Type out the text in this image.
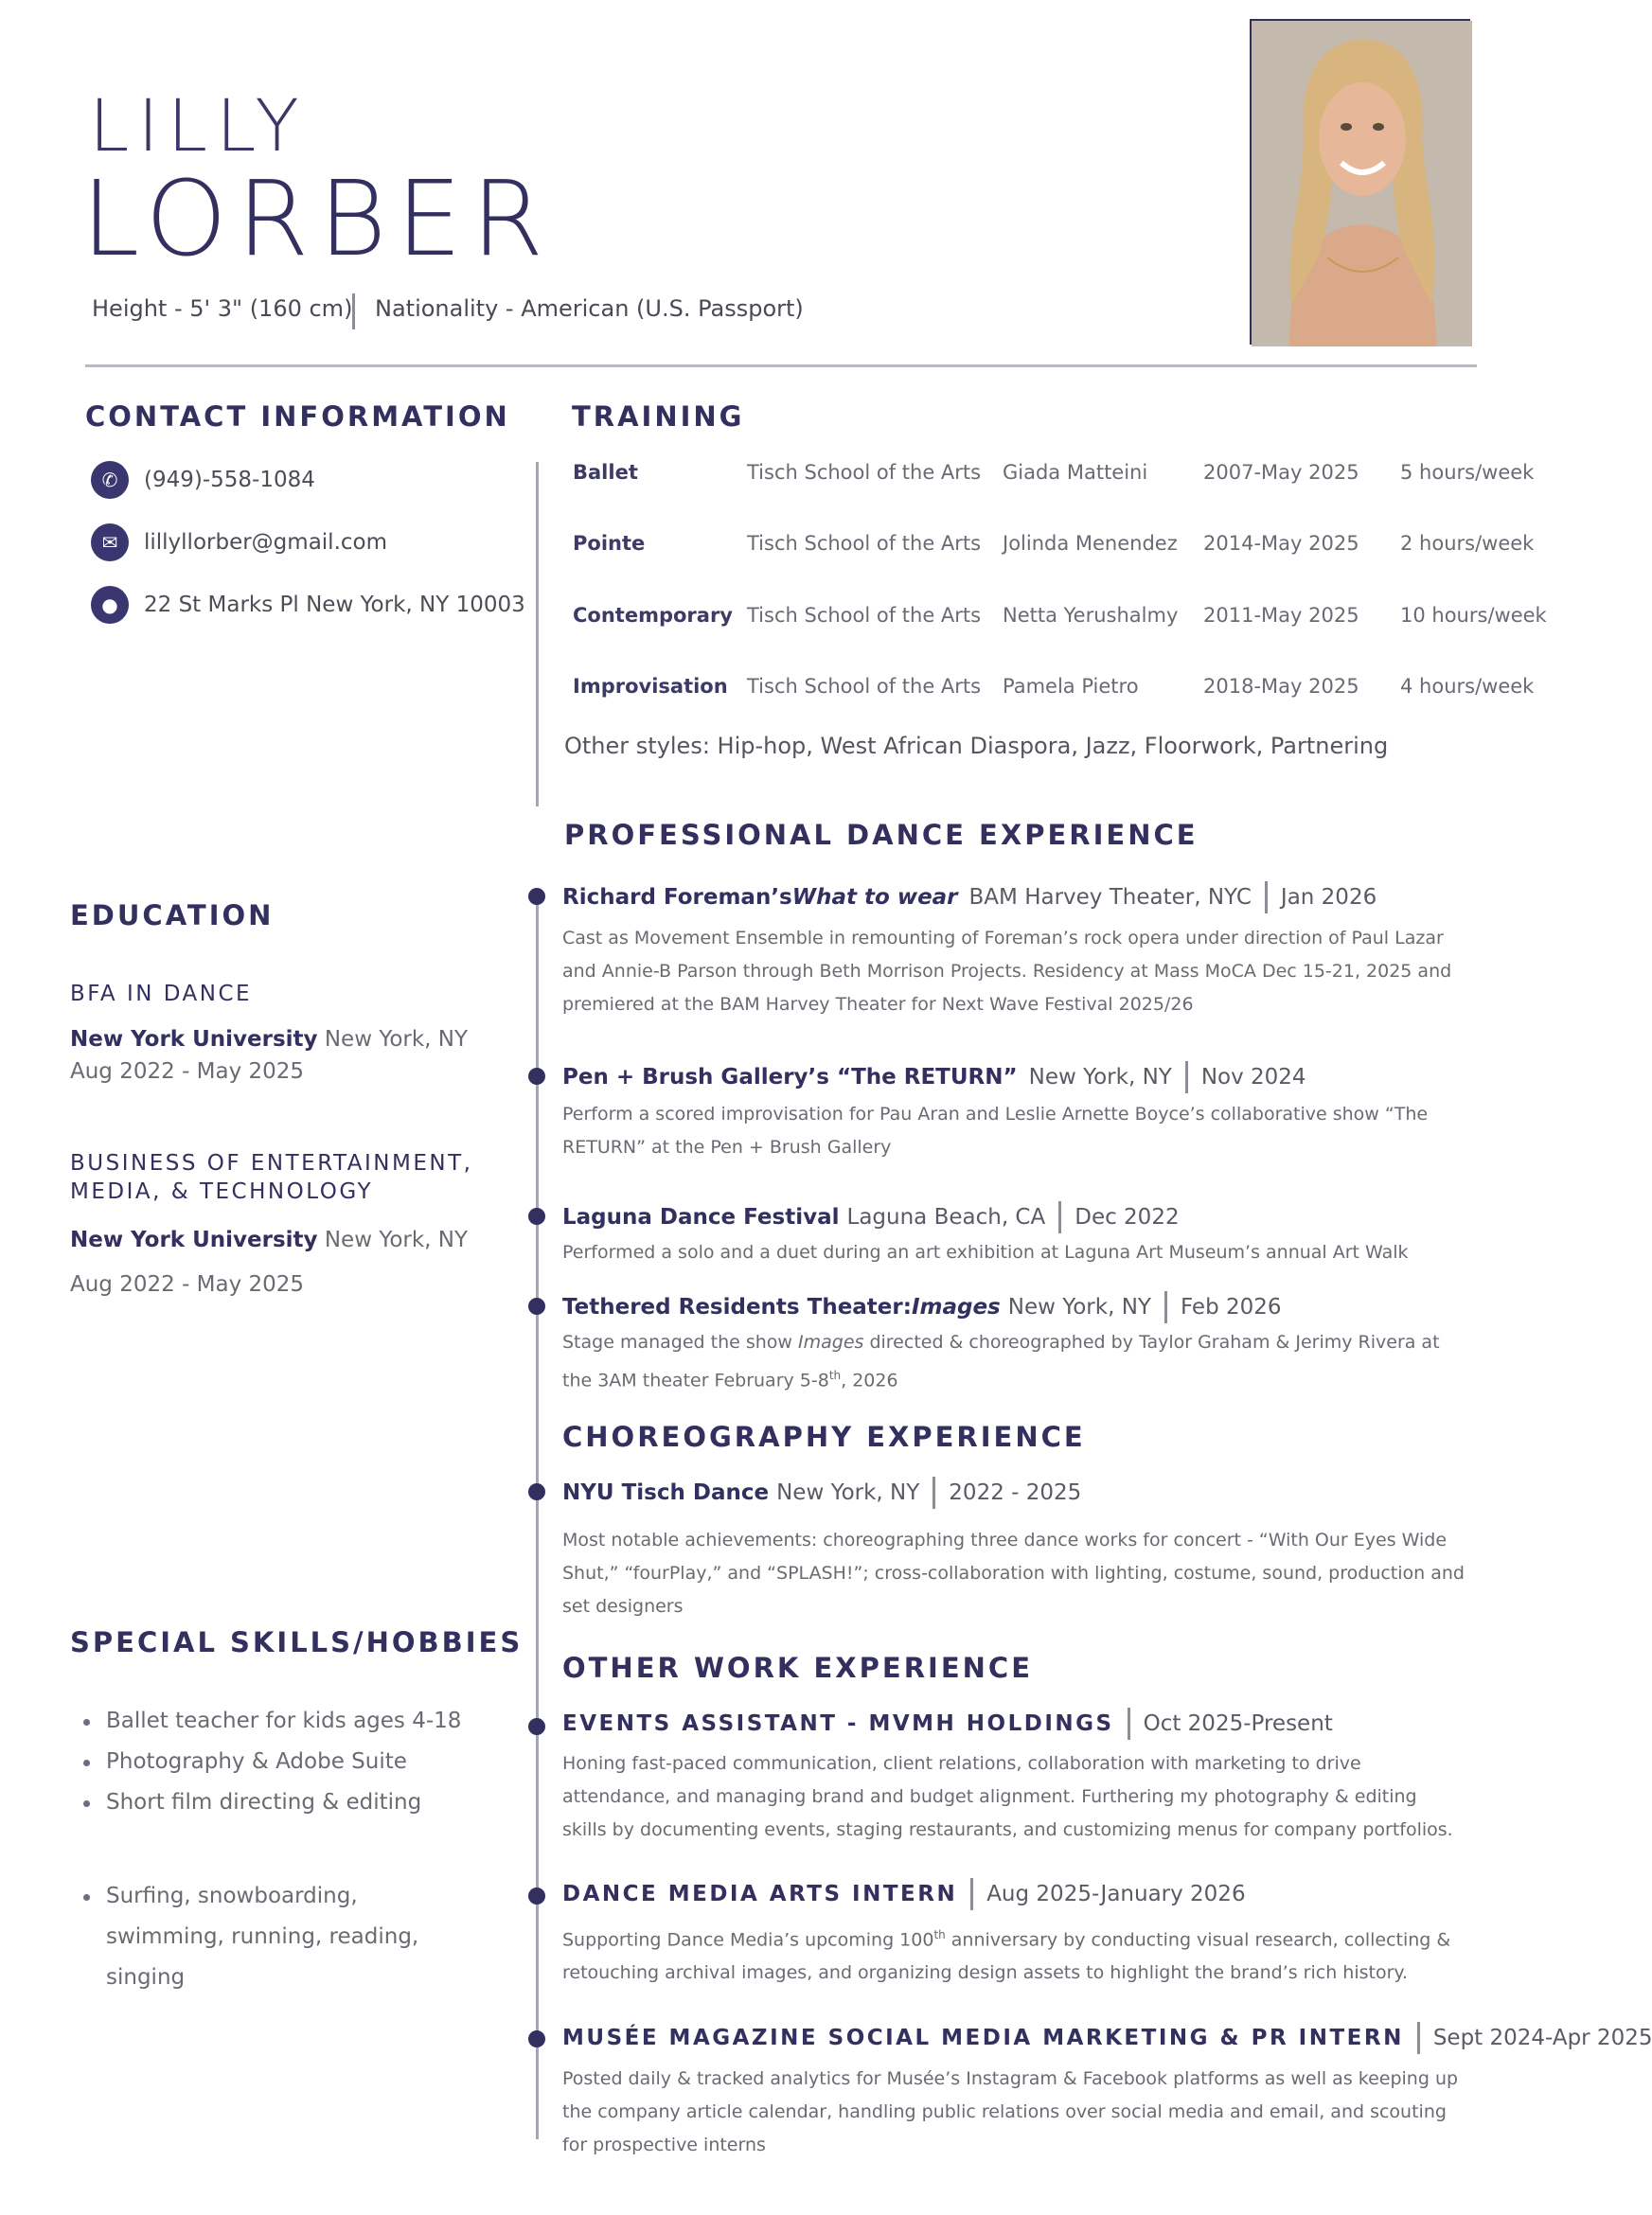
LILLY
LORBER
Height - 5' 3" (160 cm) Nationality - American (U.S. Passport)
CONTACT INFORMATION
✆	(949)-558-1084
✉	lillyllorber@gmail.com
●	22 St Marks Pl New York, NY 10003
TRAINING
Ballet	Tisch School of the Arts	Giada Matteini	2007-May 2025	5 hours/week
Pointe	Tisch School of the Arts	Jolinda Menendez	2014-May 2025	2 hours/week
Contemporary Tisch School of the Arts	Netta Yerushalmy	2011-May 2025	10 hours/week
Improvisation Tisch School of the Arts	Pamela Pietro	2018-May 2025	4 hours/week
Other styles: Hip-hop, West African Diaspora, Jazz, Floorwork, Partnering
EDUCATION
BFA IN DANCE
New York University New York, NY
Aug 2022 - May 2025
BUSINESS OF ENTERTAINMENT,
MEDIA, & TECHNOLOGY
New York University New York, NY
Aug 2022 - May 2025
SPECIAL SKILLS/HOBBIES
Ballet teacher for kids ages 4-18
Photography & Adobe Suite
Short film directing & editing
Surfing, snowboarding,
swimming, running, reading,
singing
PROFESSIONAL DANCE EXPERIENCE
Richard Foreman’s What to wear BAM Harvey Theater, NYC Jan 2026
Cast as Movement Ensemble in remounting of Foreman’s rock opera under direction of Paul Lazar
and Annie-B Parson through Beth Morrison Projects. Residency at Mass MoCA Dec 15-21, 2025 and
premiered at the BAM Harvey Theater for Next Wave Festival 2025/26
Pen + Brush Gallery’s “The RETURN” New York, NY Nov 2024
Perform a scored improvisation for Pau Aran and Leslie Arnette Boyce’s collaborative show “The
RETURN” at the Pen + Brush Gallery
Laguna Dance Festival Laguna Beach, CA Dec 2022
Performed a solo and a duet during an art exhibition at Laguna Art Museum’s annual Art Walk
Tethered Residents Theater: Images New York, NY Feb 2026
Stage managed the show Images directed & choreographed by Taylor Graham & Jerimy Rivera at
the 3AM theater February 5-8th, 2026
CHOREOGRAPHY EXPERIENCE
NYU Tisch Dance New York, NY 2022 - 2025
Most notable achievements: choreographing three dance works for concert - “With Our Eyes Wide
Shut,” “fourPlay,” and “SPLASH!”; cross-collaboration with lighting, costume, sound, production and
set designers
OTHER WORK EXPERIENCE
EVENTS ASSISTANT - MVMH HOLDINGS Oct 2025-Present
Honing fast-paced communication, client relations, collaboration with marketing to drive
attendance, and managing brand and budget alignment. Furthering my photography & editing
skills by documenting events, staging restaurants, and customizing menus for company portfolios.
DANCE MEDIA ARTS INTERN Aug 2025-January 2026
Supporting Dance Media’s upcoming 100th anniversary by conducting visual research, collecting &
retouching archival images, and organizing design assets to highlight the brand’s rich history.
MUSÉE MAGAZINE SOCIAL MEDIA MARKETING & PR INTERN Sept 2024-Apr 2025
Posted daily & tracked analytics for Musée’s Instagram & Facebook platforms as well as keeping up
the company article calendar, handling public relations over social media and email, and scouting
for prospective interns
